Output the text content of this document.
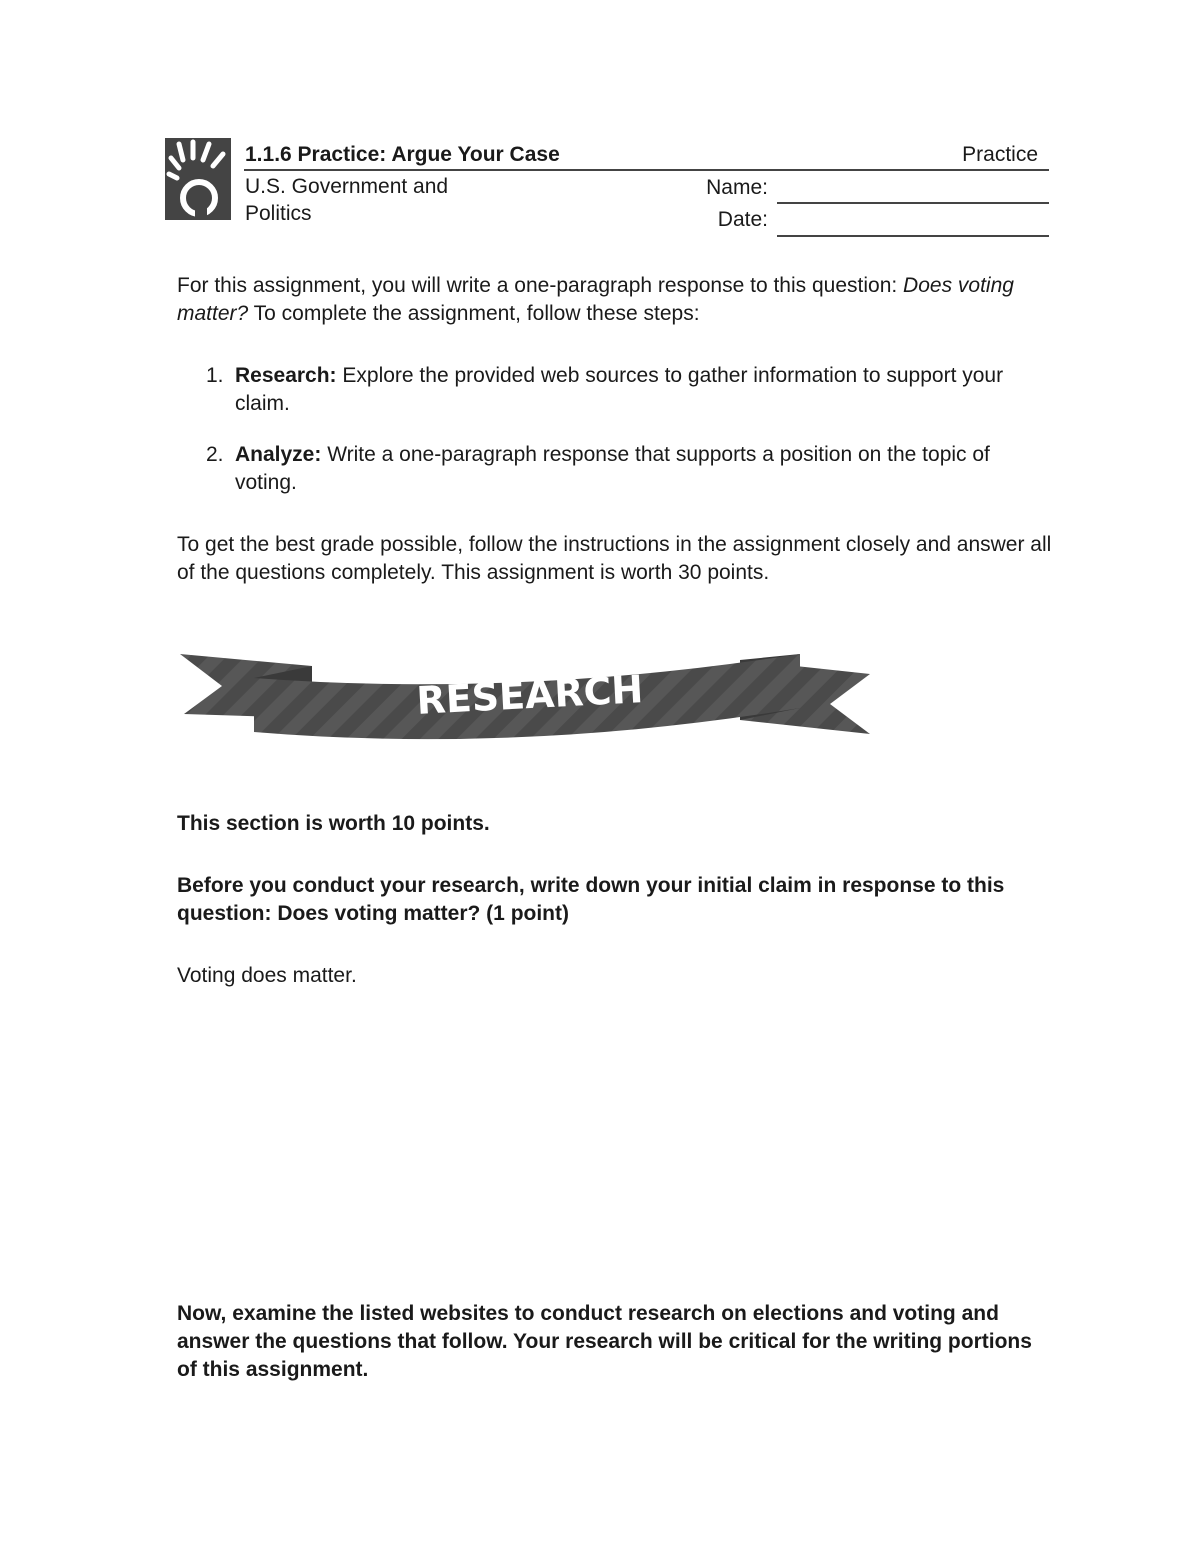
1.1.6 Practice: Argue Your Case	Practice
U.S. Government and
Politics
Name:
Date:
For this assignment, you will write a one-paragraph response to this question: Does voting matter? To complete the assignment, follow these steps:
1. Research: Explore the provided web sources to gather information to support your claim.
2. Analyze: Write a one-paragraph response that supports a position on the topic of voting.
To get the best grade possible, follow the instructions in the assignment closely and answer all of the questions completely. This assignment is worth 30 points.
RESEARCH
This section is worth 10 points.
Before you conduct your research, write down your initial claim in response to this question: Does voting matter? (1 point)
Voting does matter.
Now, examine the listed websites to conduct research on elections and voting and answer the questions that follow. Your research will be critical for the writing portions of this assignment.
